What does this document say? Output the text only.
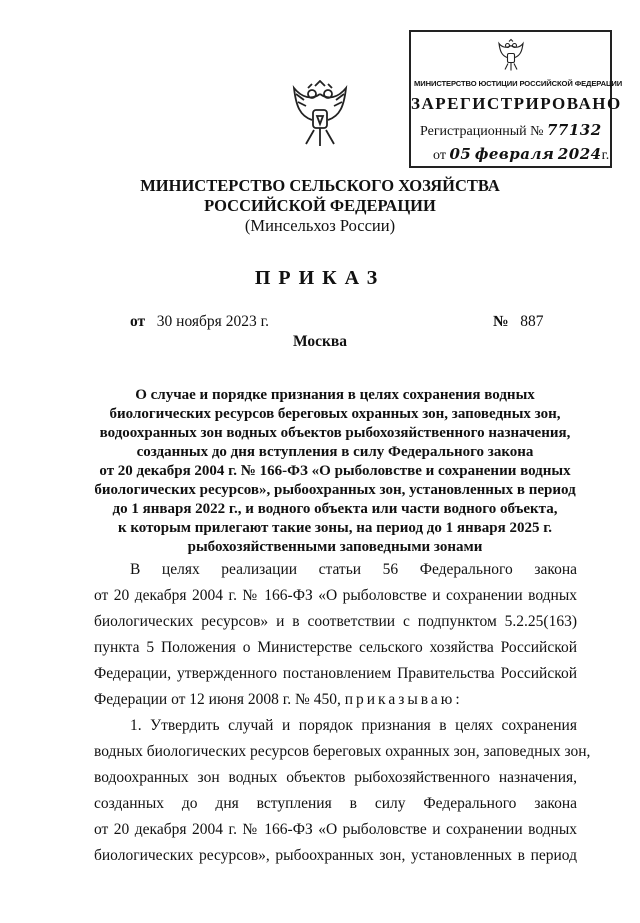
МИНИСТЕРСТВО ЮСТИЦИИ РОССИЙСКОЙ ФЕДЕРАЦИИ
ЗАРЕГИСТРИРОВАНО
Регистрационный № 77132
от 05 февраля 2024г.
МИНИСТЕРСТВО СЕЛЬСКОГО ХОЗЯЙСТВА
РОССИЙСКОЙ ФЕДЕРАЦИИ
(Минсельхоз России)
ПРИКАЗ
от 30 ноября 2023 г.	№ 887
Москва
О случае и порядке признания в целях сохранения водных
биологических ресурсов береговых охранных зон, заповедных зон,
водоохранных зон водных объектов рыбохозяйственного назначения,
созданных до дня вступления в силу Федерального закона
от 20 декабря 2004 г. № 166-ФЗ «О рыболовстве и сохранении водных
биологических ресурсов», рыбоохранных зон, установленных в период
до 1 января 2022 г., и водного объекта или части водного объекта,
к которым прилегают такие зоны, на период до 1 января 2025 г.
рыбохозяйственными заповедными зонами
В целях реализации статьи 56 Федерального закона
от 20 декабря 2004 г. № 166-ФЗ «О рыболовстве и сохранении водных
биологических ресурсов» и в соответствии с подпунктом 5.2.25(163)
пункта 5 Положения о Министерстве сельского хозяйства Российской
Федерации, утвержденного постановлением Правительства Российской
Федерации от 12 июня 2008 г. № 450, приказываю:
1. Утвердить случай и порядок признания в целях сохранения
водных биологических ресурсов береговых охранных зон, заповедных зон,
водоохранных зон водных объектов рыбохозяйственного назначения,
созданных до дня вступления в силу Федерального закона
от 20 декабря 2004 г. № 166-ФЗ «О рыболовстве и сохранении водных
биологических ресурсов», рыбоохранных зон, установленных в период
